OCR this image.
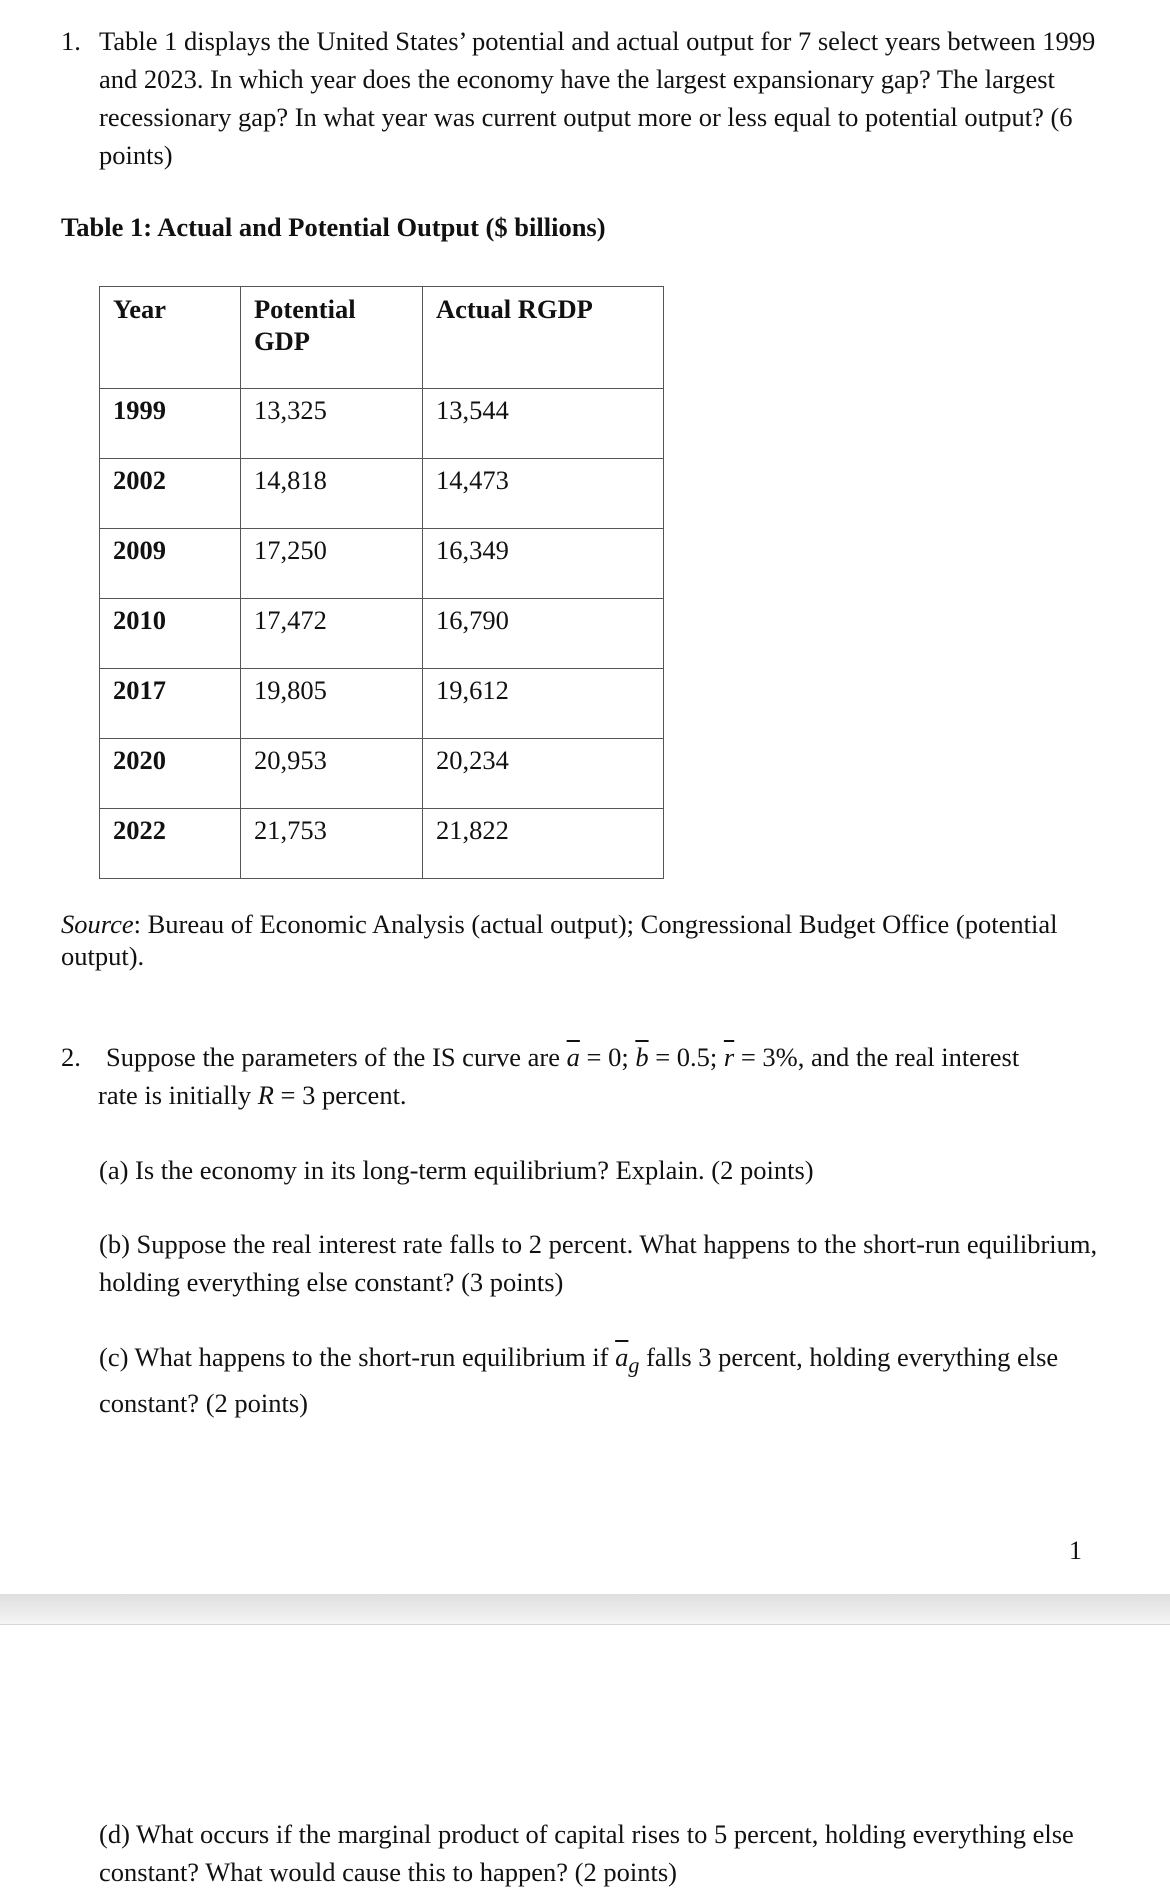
1. Table 1 displays the United States’ potential and actual output for 7 select years between 1999 and 2023. In which year does the economy have the largest expansionary gap? The largest recessionary gap? In what year was current output more or less equal to potential output? (6 points)
Table 1: Actual and Potential Output ($ billions)
Year	Potential GDP	Actual RGDP
1999	13,325	13,544
2002	14,818	14,473
2009	17,250	16,349
2010	17,472	16,790
2017	19,805	19,612
2020	20,953	20,234
2022	21,753	21,822
Source: Bureau of Economic Analysis (actual output); Congressional Budget Office (potential output).
2. Suppose the parameters of the IS curve are $\overline{a} = 0$; $\overline{b} = 0.5$; $\overline{r} = 3\%$, and the real interest
rate is initially R = 3 percent.
(a) Is the economy in its long-term equilibrium? Explain. (2 points)
(b) Suppose the real interest rate falls to 2 percent. What happens to the short-run equilibrium, holding everything else constant? (3 points)
(c) What happens to the short-run equilibrium if $\overline{a}_g$ falls 3 percent, holding everything else constant? (2 points)
1
(d) What occurs if the marginal product of capital rises to 5 percent, holding everything else constant? What would cause this to happen? (2 points)
